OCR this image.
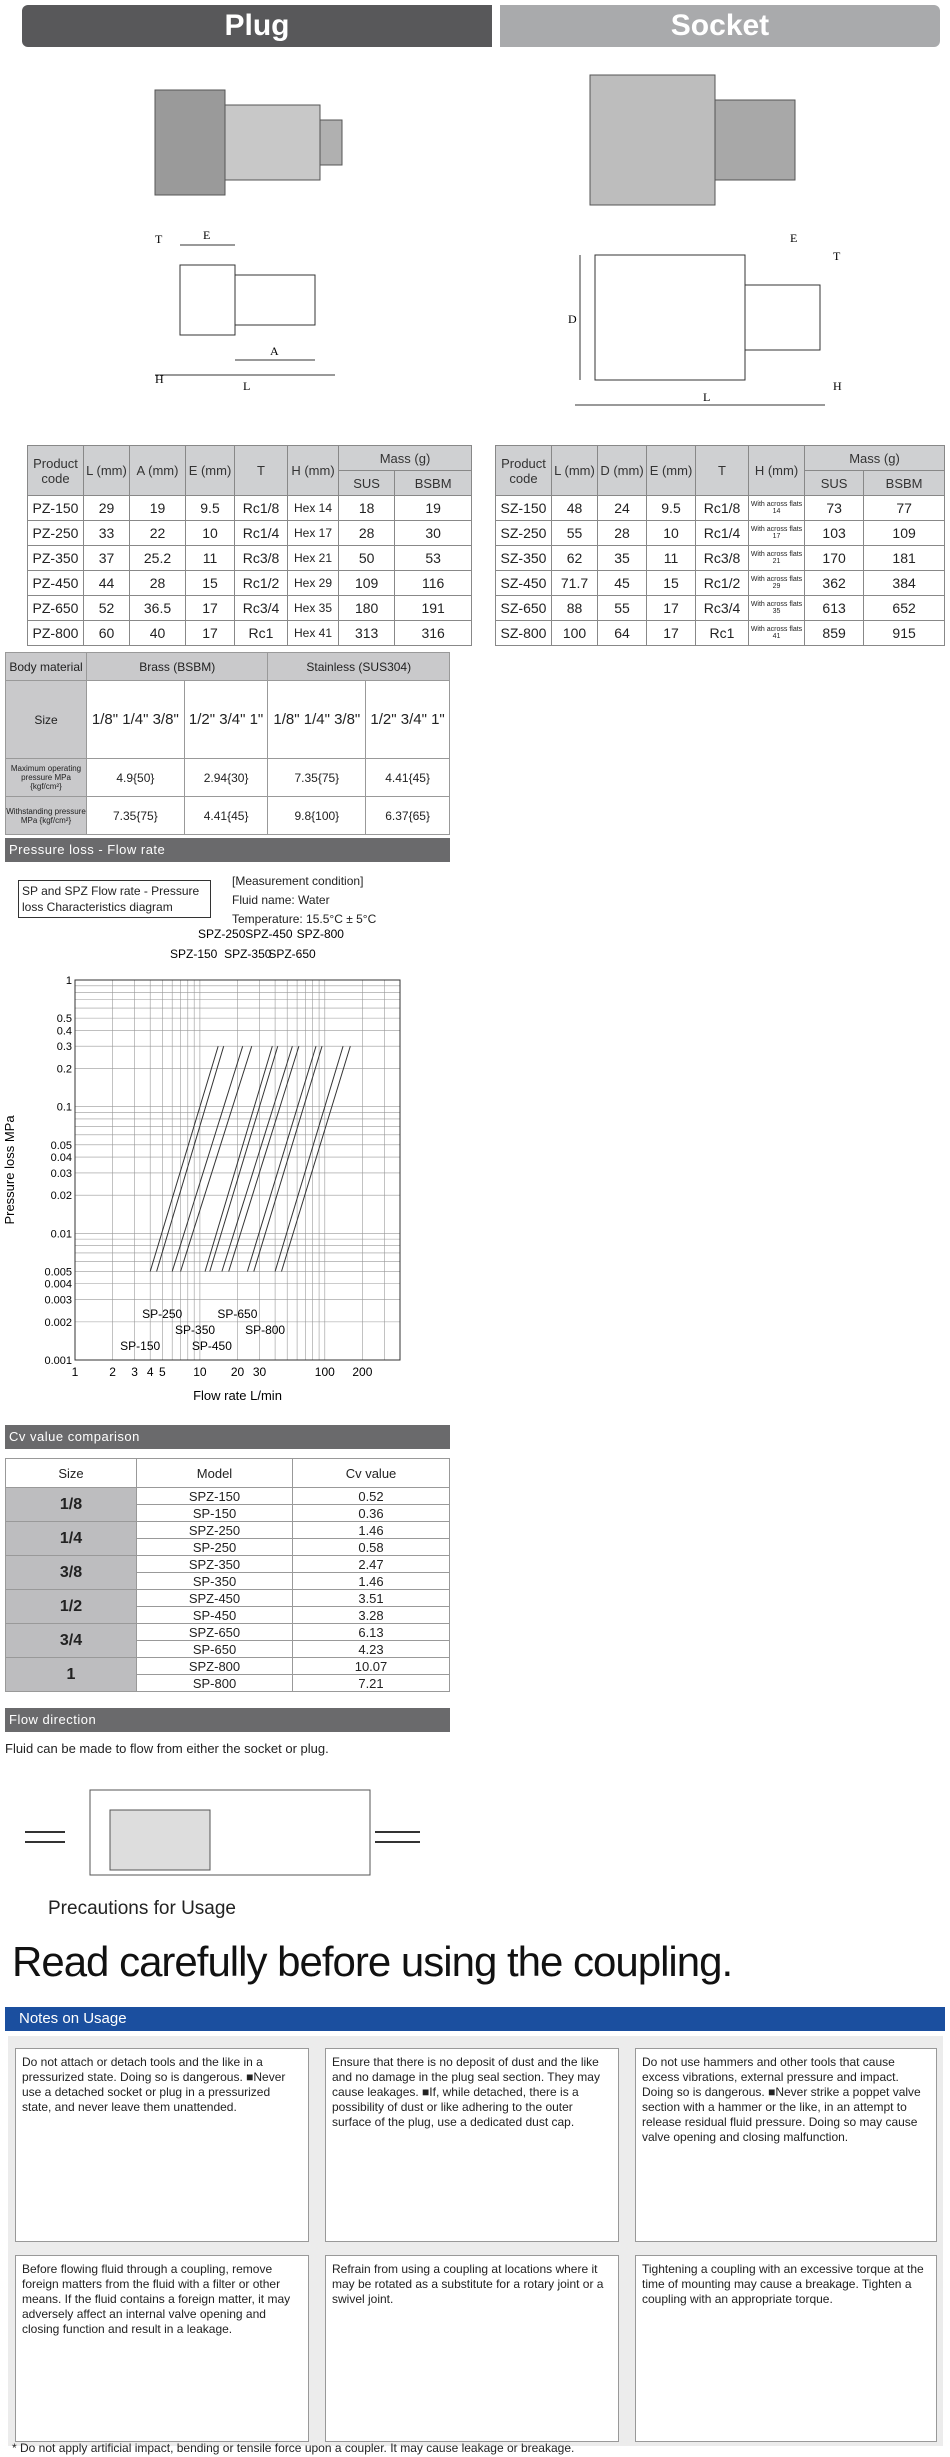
Plug	Socket
T	E
H
A
L
E
T
D
H
L
Product code	L (mm)	A (mm)	E (mm)	T	H (mm)	Mass (g)	
						SUS	BSBM
PZ-150	29	19	9.5	Rc1/8	Hex 14	18	19
PZ-250	33	22	10	Rc1/4	Hex 17	28	30
PZ-350	37	25.2	11	Rc3/8	Hex 21	50	53
PZ-450	44	28	15	Rc1/2	Hex 29	109	116
PZ-650	52	36.5	17	Rc3/4	Hex 35	180	191
PZ-800	60	40	17	Rc1	Hex 41	313	316
Product code	L (mm)	D (mm)	E (mm)	T	H (mm)	Mass (g)	
						SUS	BSBM
SZ-150	48	24	9.5	Rc1/8	With across flats 14	73	77
SZ-250	55	28	10	Rc1/4	With across flats 17	103	109
SZ-350	62	35	11	Rc3/8	With across flats 21	170	181
SZ-450	71.7	45	15	Rc1/2	With across flats 29	362	384
SZ-650	88	55	17	Rc3/4	With across flats 35	613	652
SZ-800	100	64	17	Rc1	With across flats 41	859	915
Body material	Brass (BSBM)		Stainless (SUS304)	
Size	1/8" 1/4" 3/8"	1/2" 3/4" 1"	1/8" 1/4" 3/8"	1/2" 3/4" 1"
Maximum operating pressure MPa {kgf/cm²}	4.9{50}	2.94{30}	7.35{75}	4.41{45}
Withstanding pressure MPa {kgf/cm²}	7.35{75}	4.41{45}	9.8{100}	6.37{65}
Pressure loss - Flow rate
SP and SPZ Flow rate - Pressure loss Characteristics diagram
[Measurement condition]
Fluid name: Water
Temperature: 15.5°C ± 5°C
1	2 3 4 5 10 20 30	100 200
0.001
0.002
0.003
0.004
0.005
0.01
0.02
0.03
0.04
0.05
0.1
0.2
0.3
0.4
0.5
1
Flow rate L/min
Pressure loss MPa
SP-150
SPZ-150
SP-250
SPZ-250
SP-350
SPZ-350
SP-450
SPZ-450
SP-650
SPZ-650
SP-800
SPZ-800
Cv value comparison
Size	Model	Cv value
1/8	SPZ-150	0.52
	SP-150	0.36
1/4	SPZ-250	1.46
	SP-250	0.58
3/8	SPZ-350	2.47
	SP-350	1.46
1/2	SPZ-450	3.51
	SP-450	3.28
3/4	SPZ-650	6.13
	SP-650	4.23
1	SPZ-800	10.07
	SP-800	7.21
Flow direction
Fluid can be made to flow from either the socket or plug.
Precautions for Usage
Read carefully before using the coupling.
Notes on Usage

Do not attach or detach tools and the like in a pressurized state. Doing so is dangerous. ■Never use a detached socket or plug in a pressurized state, and never leave them unattended.

Ensure that there is no deposit of dust and the like and no damage in the plug seal section. They may cause leakages. ■If, while detached, there is a possibility of dust or like adhering to the outer surface of the plug, use a dedicated dust cap.

Do not use hammers and other tools that cause excess vibrations, external pressure and impact. Doing so is dangerous. ■Never strike a poppet valve section with a hammer or the like, in an attempt to release residual fluid pressure. Doing so may cause valve opening and closing malfunction.

Before flowing fluid through a coupling, remove foreign matters from the fluid with a filter or other means. If the fluid contains a foreign matter, it may adversely affect an internal valve opening and closing function and result in a leakage.

Refrain from using a coupling at locations where it may be rotated as a substitute for a rotary joint or a swivel joint.

Tightening a coupling with an excessive torque at the time of mounting may cause a breakage. Tighten a coupling with an appropriate torque.

* Do not apply artificial impact, bending or tensile force upon a coupler. It may cause leakage or breakage.
